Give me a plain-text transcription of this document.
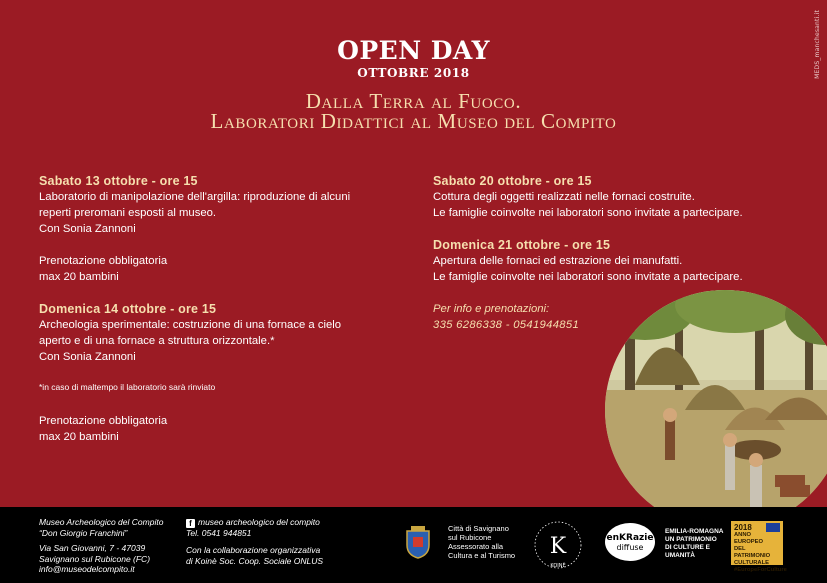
MEDS_manchesanti.it
OPEN DAY
OTTOBRE 2018
Dalla Terra al Fuoco.
Laboratori Didattici al Museo del Compito
Sabato 13 ottobre - ore 15
Laboratorio di manipolazione dell'argilla: riproduzione di alcuni
reperti preromani esposti al museo.
Con Sonia Zannoni
Prenotazione obbligatoria
max 20 bambini
Domenica 14 ottobre - ore 15
Archeologia sperimentale: costruzione di una fornace a cielo
aperto e di una fornace a struttura orizzontale.*
Con Sonia Zannoni
*in caso di maltempo il laboratorio sarà rinviato
Prenotazione obbligatoria
max 20 bambini
Sabato 20 ottobre - ore 15
Cottura degli oggetti realizzati nelle fornaci costruite.
Le famiglie coinvolte nei laboratori sono invitate a partecipare.
Domenica 21 ottobre - ore 15
Apertura delle fornaci ed estrazione dei manufatti.
Le famiglie coinvolte nei laboratori sono invitate a partecipare.
Per info e prenotazioni:
335 6286338 - 0541944851
Museo Archeologico del Compito
“Don Giorgio Franchini”
Via San Giovanni, 7 - 47039
Savignano sul Rubicone (FC)
info@museodelcompito.it
f museo archeologico del compito
Tel. 0541 944851
Con la collaborazione organizzativa
di Koinè Soc. Coop. Sociale ONLUS
Città di Savignano
sul Rubicone
Assessorato alla
Cultura e al Turismo	K
KOINÈ
enKRazie
diffuse
EMILIA-ROMAGNA
UN PATRIMONIO
DI CULTURE E UMANITÀ
2018
ANNO EUROPEO
DEL PATRIMONIO
CULTURALE
#EuropeForCulture
